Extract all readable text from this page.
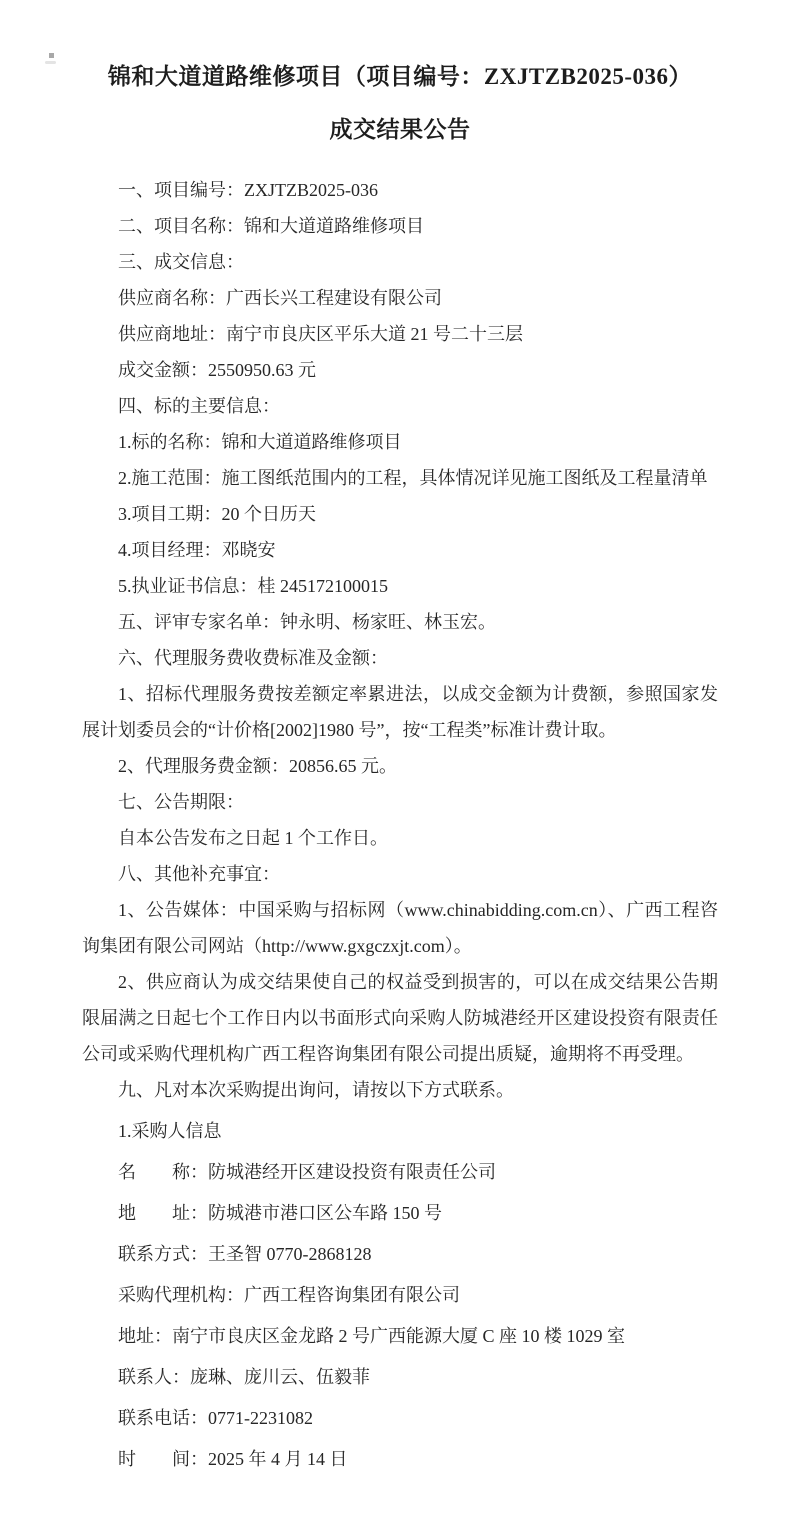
锦和大道道路维修项目（项目编号：ZXJTZB2025-036）
成交结果公告

一、项目编号：ZXJTZB2025-036

二、项目名称：锦和大道道路维修项目

三、成交信息：

供应商名称：广西长兴工程建设有限公司

供应商地址：南宁市良庆区平乐大道 21 号二十三层

成交金额：2550950.63 元

四、标的主要信息：

1.标的名称：锦和大道道路维修项目

2.施工范围：施工图纸范围内的工程，具体情况详见施工图纸及工程量清单

3.项目工期：20 个日历天

4.项目经理：邓晓安

5.执业证书信息：桂 245172100015

五、评审专家名单：钟永明、杨家旺、林玉宏。

六、代理服务费收费标准及金额：

1、招标代理服务费按差额定率累进法，以成交金额为计费额，参照国家发展计划委员会的“计价格[2002]1980 号”，按“工程类”标准计费计取。

2、代理服务费金额：20856.65 元。

七、公告期限：

自本公告发布之日起 1 个工作日。

八、其他补充事宜：

1、公告媒体：中国采购与招标网（www.chinabidding.com.cn）、广西工程咨询集团有限公司网站（http://www.gxgczxjt.com）。

2、供应商认为成交结果使自己的权益受到损害的，可以在成交结果公告期限届满之日起七个工作日内以书面形式向采购人防城港经开区建设投资有限责任公司或采购代理机构广西工程咨询集团有限公司提出质疑，逾期将不再受理。

九、凡对本次采购提出询问，请按以下方式联系。

1.采购人信息

名　　称：防城港经开区建设投资有限责任公司

地　　址：防城港市港口区公车路 150 号

联系方式：王圣智 0770-2868128

采购代理机构：广西工程咨询集团有限公司

地址：南宁市良庆区金龙路 2 号广西能源大厦 C 座 10 楼 1029 室

联系人：庞琳、庞川云、伍毅菲

联系电话：0771-2231082

时　　间：2025 年 4 月 14 日
